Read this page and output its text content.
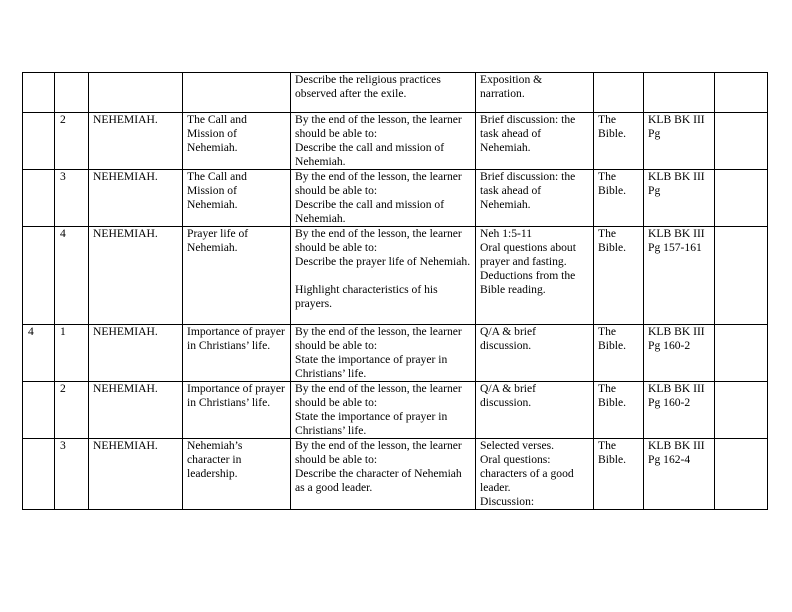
				Describe the religious practices observed after the exile.	Exposition & narration.			

	2	NEHEMIAH.	The Call and Mission of Nehemiah.	By the end of the lesson, the learner should be able to:
Describe the call and mission of Nehemiah.	Brief discussion: the task ahead of Nehemiah.	The Bible.	KLB BK III Pg	
	3	NEHEMIAH.	The Call and Mission of Nehemiah.	By the end of the lesson, the learner should be able to:
Describe the call and mission of Nehemiah.	Brief discussion: the task ahead of Nehemiah.	The Bible.	KLB BK III Pg	
	4	NEHEMIAH.	Prayer life of Nehemiah.	By the end of the lesson, the learner should be able to:
Describe the prayer life of Nehemiah.
Highlight characteristics of his prayers.	Neh 1:5-11
Oral questions about prayer and fasting.
Deductions from the Bible reading.	The Bible.	KLB BK III Pg 157-161	
4	1	NEHEMIAH.	Importance of prayer in Christians’ life.	By the end of the lesson, the learner should be able to:
State the importance of prayer in Christians’ life.	Q/A & brief discussion.	The Bible.	KLB BK III Pg 160-2	
	2	NEHEMIAH.	Importance of prayer in Christians’ life.	By the end of the lesson, the learner should be able to:
State the importance of prayer in Christians’ life.	Q/A & brief discussion.	The Bible.	KLB BK III Pg 160-2	
	3	NEHEMIAH.	Nehemiah’s character in leadership.	By the end of the lesson, the learner should be able to:
Describe the character of Nehemiah as a good leader.	Selected verses.
Oral questions: characters of a good leader.
Discussion:	The Bible.	KLB BK III Pg 162-4	
